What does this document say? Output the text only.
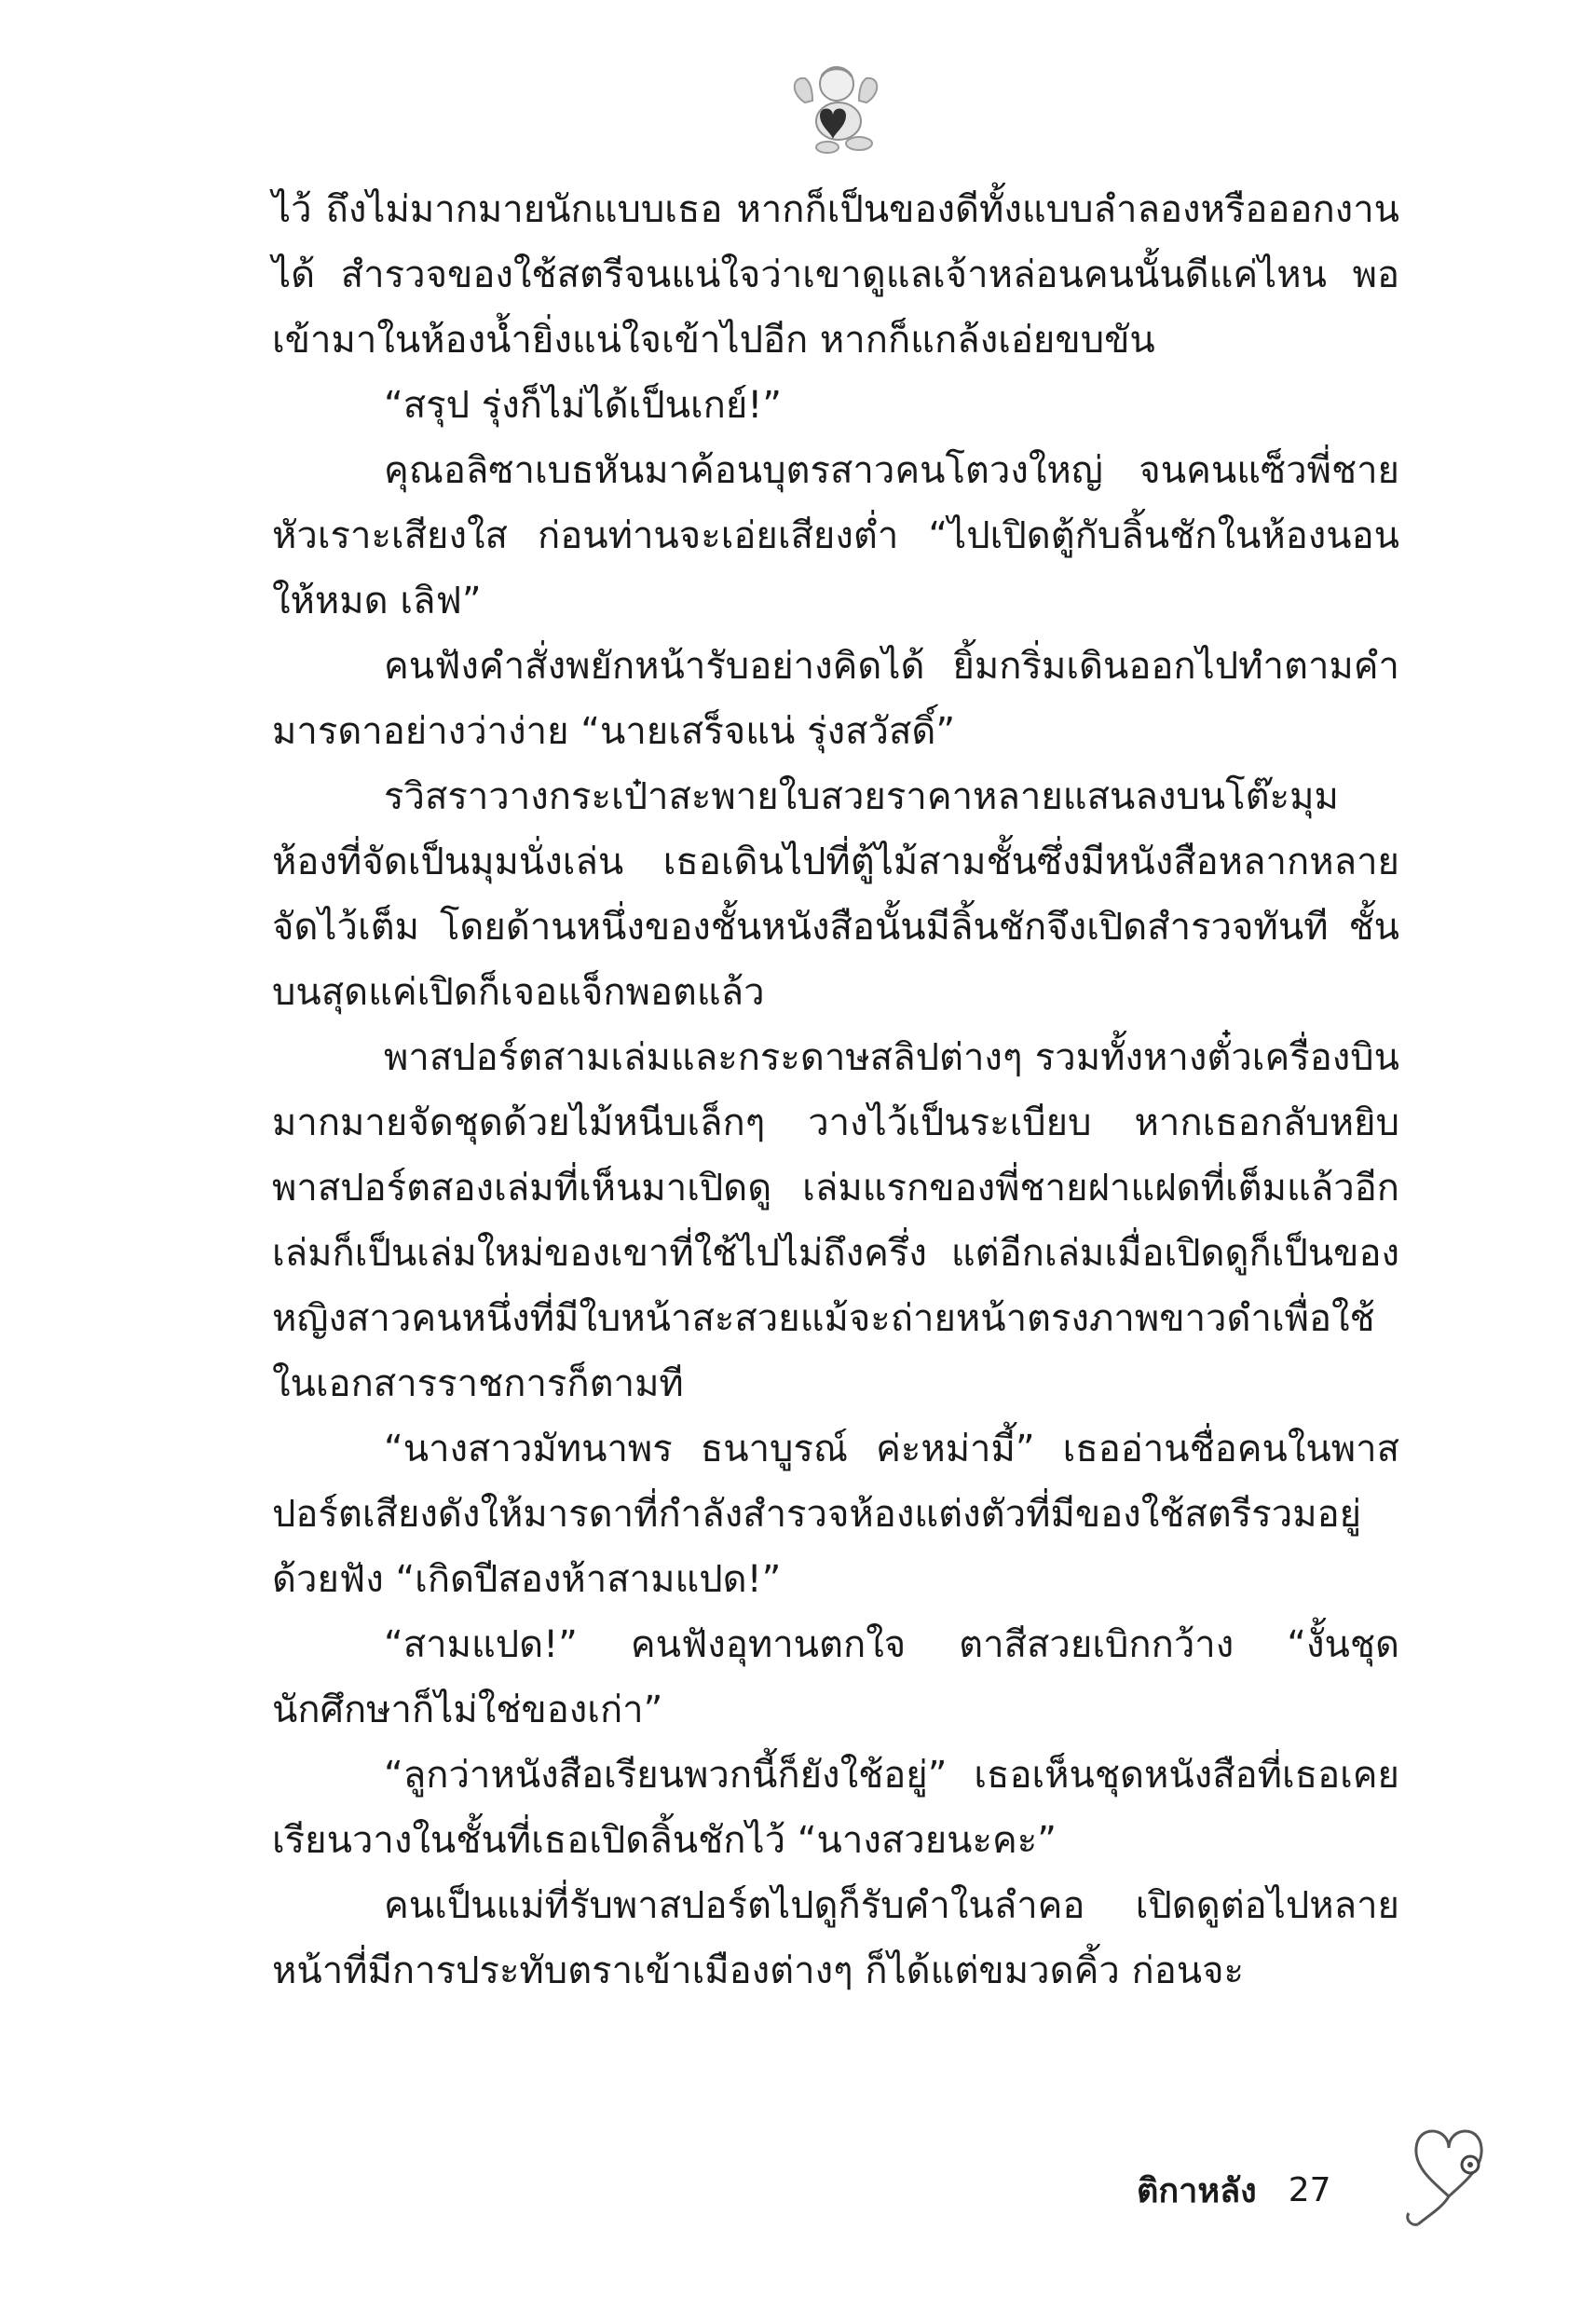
ไว้ ถึงไม่มากมายนักแบบเธอ หากก็เป็นของดีทั้งแบบลำลองหรือออกงานได้ สำรวจของใช้สตรีจนแน่ใจว่าเขาดูแลเจ้าหล่อนคนนั้นดีแค่ไหน พอเข้ามาในห้องน้ำยิ่งแน่ใจเข้าไปอีก หากก็แกล้งเอ่ยขบขัน

“สรุป รุ่งก็ไม่ได้เป็นเกย์!”

คุณอลิซาเบธหันมาค้อนบุตรสาวคนโตวงใหญ่ จนคนแซ็วพี่ชายหัวเราะเสียงใส ก่อนท่านจะเอ่ยเสียงต่ำ “ไปเปิดตู้กับลิ้นชักในห้องนอนให้หมด เลิฟ”

คนฟังคำสั่งพยักหน้ารับอย่างคิดได้ ยิ้มกริ่มเดินออกไปทำตามคำมารดาอย่างว่าง่าย “นายเสร็จแน่ รุ่งสวัสดิ์”

รวิสราวางกระเป๋าสะพายใบสวยราคาหลายแสนลงบนโต๊ะมุมห้องที่จัดเป็นมุมนั่งเล่น เธอเดินไปที่ตู้ไม้สามชั้นซึ่งมีหนังสือหลากหลายจัดไว้เต็ม โดยด้านหนึ่งของชั้นหนังสือนั้นมีลิ้นชักจึงเปิดสำรวจทันที ชั้นบนสุดแค่เปิดก็เจอแจ็กพอตแล้ว

พาสปอร์ตสามเล่มและกระดาษสลิปต่างๆ รวมทั้งหางตั๋วเครื่องบินมากมายจัดชุดด้วยไม้หนีบเล็กๆ วางไว้เป็นระเบียบ หากเธอกลับหยิบพาสปอร์ตสองเล่มที่เห็นมาเปิดดู เล่มแรกของพี่ชายฝาแฝดที่เต็มแล้วอีกเล่มก็เป็นเล่มใหม่ของเขาที่ใช้ไปไม่ถึงครึ่ง แต่อีกเล่มเมื่อเปิดดูก็เป็นของหญิงสาวคนหนึ่งที่มีใบหน้าสะสวยแม้จะถ่ายหน้าตรงภาพขาวดำเพื่อใช้ในเอกสารราชการก็ตามที

“นางสาวมัทนาพร ธนาบูรณ์ ค่ะหม่ามี้” เธออ่านชื่อคนในพาสปอร์ตเสียงดังให้มารดาที่กำลังสำรวจห้องแต่งตัวที่มีของใช้สตรีรวมอยู่ด้วยฟัง “เกิดปีสองห้าสามแปด!”

“สามแปด!” คนฟังอุทานตกใจ ตาสีสวยเบิกกว้าง “งั้นชุดนักศึกษาก็ไม่ใช่ของเก่า”

“ลูกว่าหนังสือเรียนพวกนี้ก็ยังใช้อยู่” เธอเห็นชุดหนังสือที่เธอเคยเรียนวางในชั้นที่เธอเปิดลิ้นชักไว้ “นางสวยนะคะ”

คนเป็นแม่ที่รับพาสปอร์ตไปดูก็รับคำในลำคอ เปิดดูต่อไปหลายหน้าที่มีการประทับตราเข้าเมืองต่างๆ ก็ได้แต่ขมวดคิ้ว ก่อนจะ

ติกาหลัง 27
